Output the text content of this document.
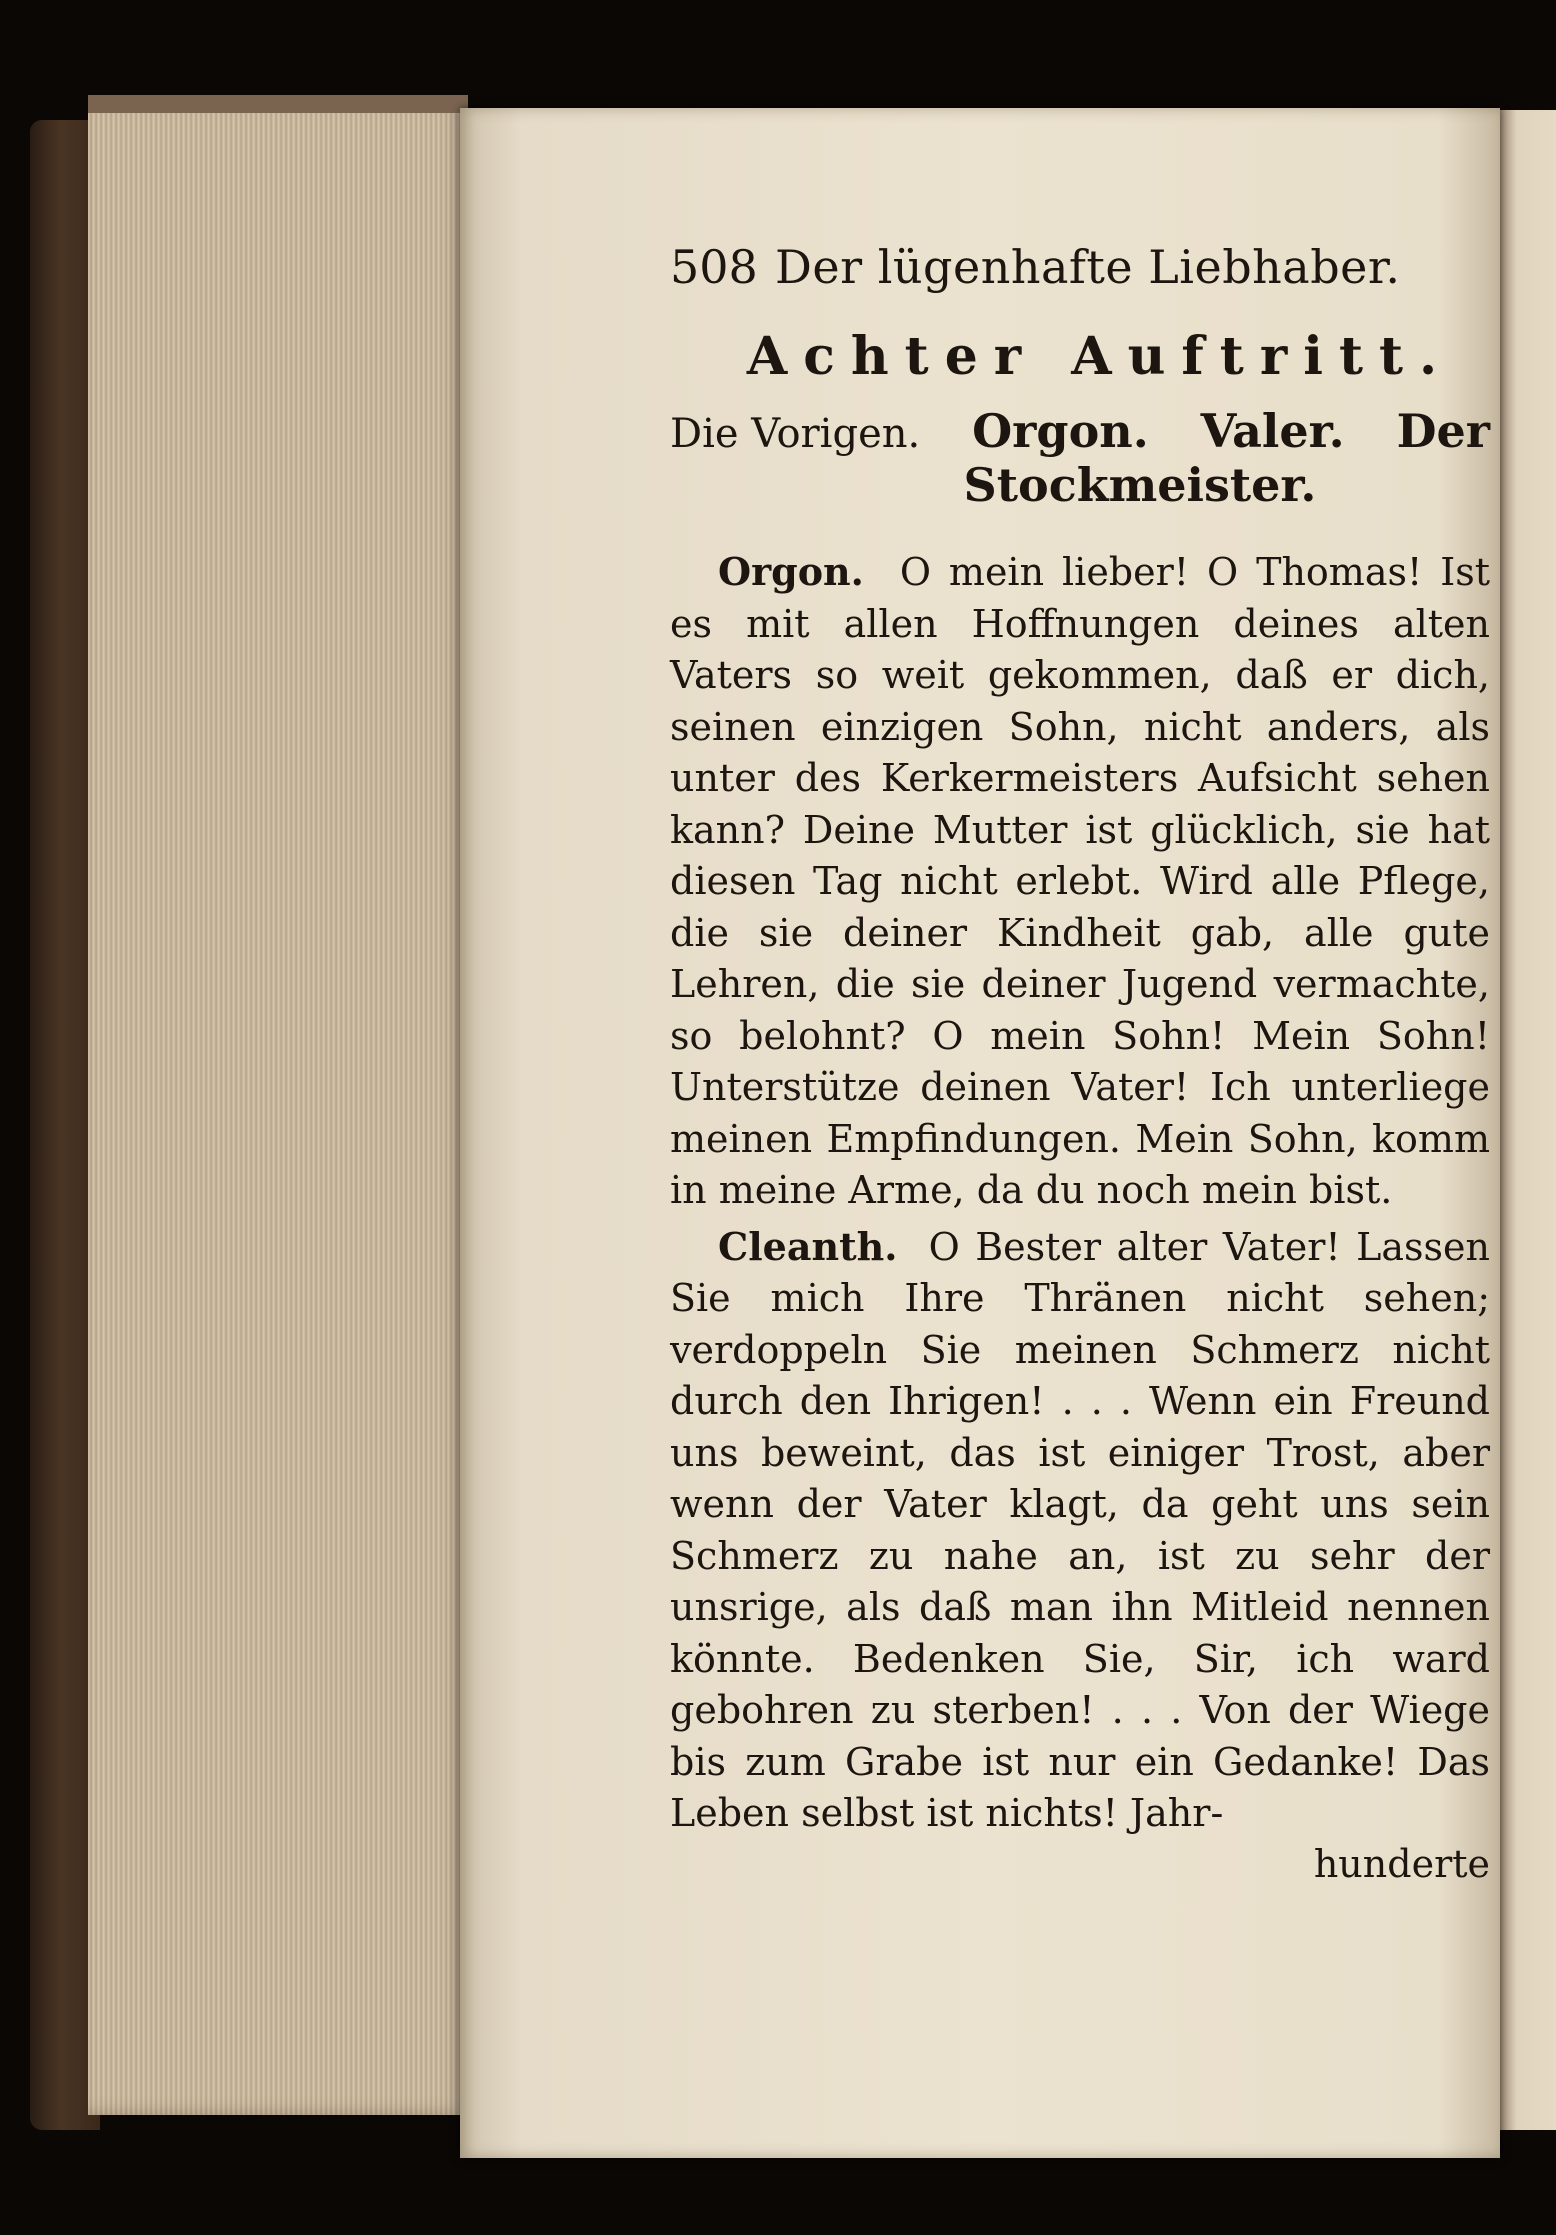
508 Der lügenhafte Liebhaber.
Achter Auftritt.
Die Vorigen. Orgon. Valer. Der
Stockmeister.

Orgon. O mein lieber! O Thomas! Ist es mit allen Hoffnungen deines alten Vaters so weit gekommen, daß er dich, seinen einzigen Sohn, nicht anders, als unter des Kerkermeisters Aufsicht sehen kann? Deine Mutter ist glücklich, sie hat diesen Tag nicht erlebt. Wird alle Pflege, die sie deiner Kindheit gab, alle gute Lehren, die sie deiner Jugend vermachte, so belohnt? O mein Sohn! Mein Sohn! Unterstütze deinen Vater! Ich unterliege meinen Empfindungen. Mein Sohn, komm in meine Arme, da du noch mein bist.

Cleanth. O Bester alter Vater! Lassen Sie mich Ihre Thränen nicht sehen; verdoppeln Sie meinen Schmerz nicht durch den Ihrigen! . . . Wenn ein Freund uns beweint, das ist einiger Trost, aber wenn der Vater klagt, da geht uns sein Schmerz zu nahe an, ist zu sehr der unsrige, als daß man ihn Mitleid nennen könnte. Bedenken Sie, Sir, ich ward gebohren zu sterben! . . . Von der Wiege bis zum Grabe ist nur ein Gedanke! Das Leben selbst ist nichts! Jahr-

hunderte
